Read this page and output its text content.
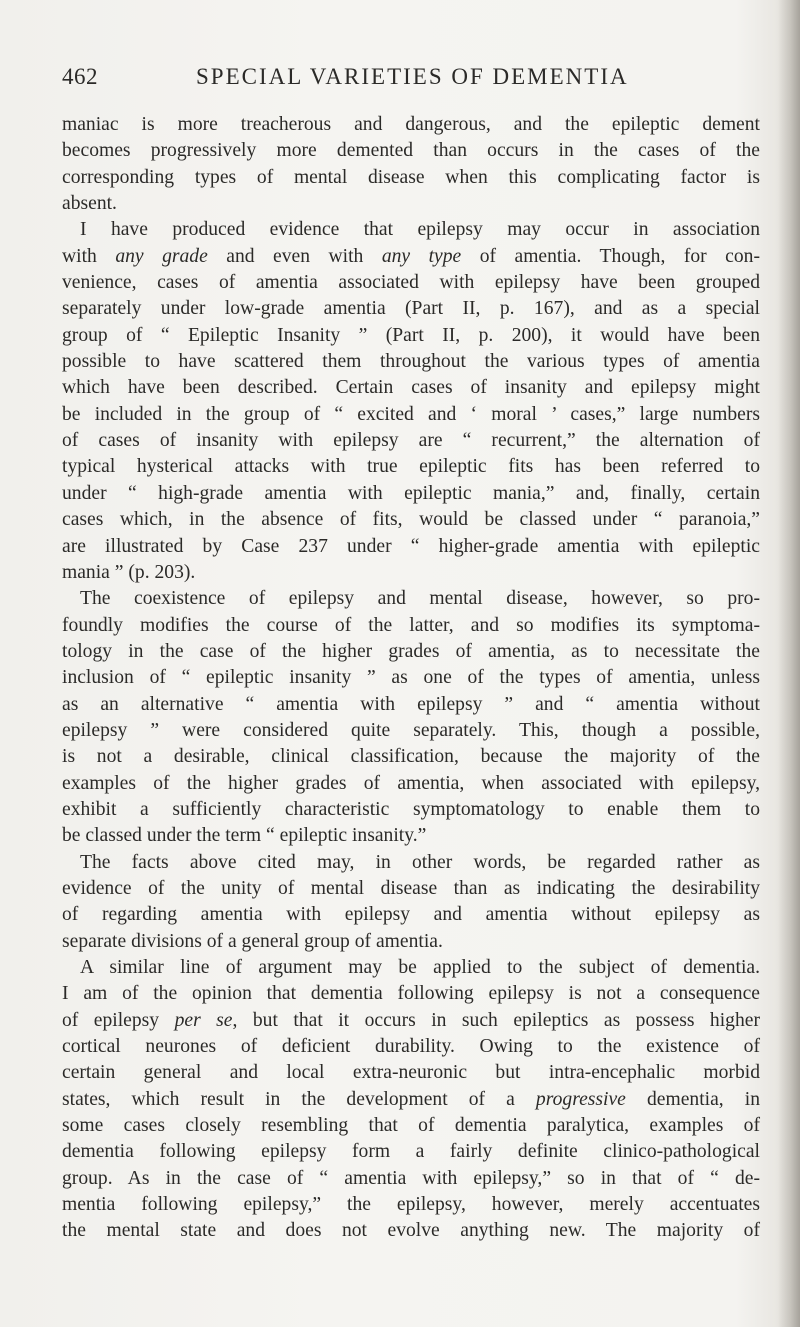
462	SPECIAL VARIETIES OF DEMENTIA
maniac is more treacherous and dangerous, and the epileptic dement
becomes progressively more demented than occurs in the cases of the
corresponding types of mental disease when this complicating factor is
absent.
I have produced evidence that epilepsy may occur in association
with any grade and even with any type of amentia. Though, for con-
venience, cases of amentia associated with epilepsy have been grouped
separately under low-grade amentia (Part II, p. 167), and as a special
group of “ Epileptic Insanity ” (Part II, p. 200), it would have been
possible to have scattered them throughout the various types of amentia
which have been described. Certain cases of insanity and epilepsy might
be included in the group of “ excited and ‘ moral ’ cases,” large numbers
of cases of insanity with epilepsy are “ recurrent,” the alternation of
typical hysterical attacks with true epileptic fits has been referred to
under “ high-grade amentia with epileptic mania,” and, finally, certain
cases which, in the absence of fits, would be classed under “ paranoia,”
are illustrated by Case 237 under “ higher-grade amentia with epileptic
mania ” (p. 203).
The coexistence of epilepsy and mental disease, however, so pro-
foundly modifies the course of the latter, and so modifies its symptoma-
tology in the case of the higher grades of amentia, as to necessitate the
inclusion of “ epileptic insanity ” as one of the types of amentia, unless
as an alternative “ amentia with epilepsy ” and “ amentia without
epilepsy ” were considered quite separately. This, though a possible,
is not a desirable, clinical classification, because the majority of the
examples of the higher grades of amentia, when associated with epilepsy,
exhibit a sufficiently characteristic symptomatology to enable them to
be classed under the term “ epileptic insanity.”
The facts above cited may, in other words, be regarded rather as
evidence of the unity of mental disease than as indicating the desirability
of regarding amentia with epilepsy and amentia without epilepsy as
separate divisions of a general group of amentia.
A similar line of argument may be applied to the subject of dementia.
I am of the opinion that dementia following epilepsy is not a consequence
of epilepsy per se, but that it occurs in such epileptics as possess higher
cortical neurones of deficient durability. Owing to the existence of
certain general and local extra-neuronic but intra-encephalic morbid
states, which result in the development of a progressive dementia, in
some cases closely resembling that of dementia paralytica, examples of
dementia following epilepsy form a fairly definite clinico-pathological
group. As in the case of “ amentia with epilepsy,” so in that of “ de-
mentia following epilepsy,” the epilepsy, however, merely accentuates
the mental state and does not evolve anything new. The majority of
